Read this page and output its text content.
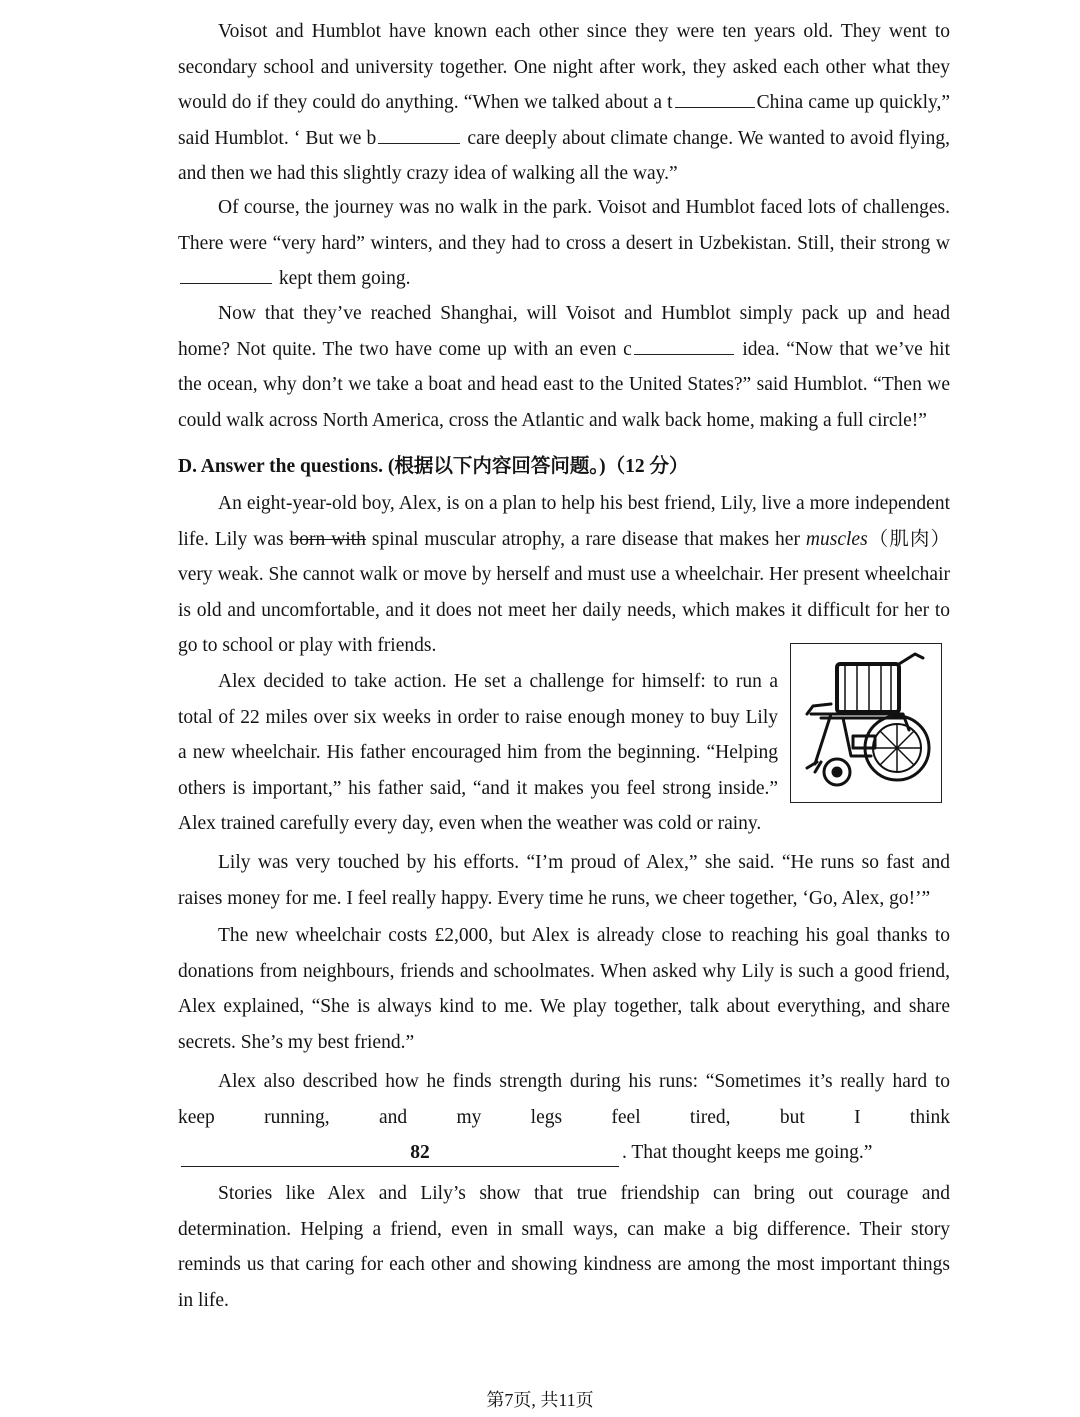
Voisot and Humblot have known each other since they were ten years old. They went to secondary school and university together. One night after work, they asked each other what they would do if they could do anything. “When we talked about a t	China came up quickly,” said Humblot. ‘ But we b	care deeply about climate change. We wanted to avoid flying, and then we had this slightly crazy idea of walking all the way.”

Of course, the journey was no walk in the park. Voisot and Humblot faced lots of challenges. There were “very hard” winters, and they had to cross a desert in Uzbekistan. Still, their strong w kept them going.

Now that they’ve reached Shanghai, will Voisot and Humblot simply pack up and head home? Not quite. The two have come up with an even c	idea. “Now that we’ve hit the ocean, why don’t we take a boat and head east to the United States?” said Humblot. “Then we could walk across North America, cross the Atlantic and walk back home, making a full circle!”

D. Answer the questions. (根据以下内容回答问题。)（12 分）

An eight-year-old boy, Alex, is on a plan to help his best friend, Lily, live a more independent life. Lily was born with spinal muscular atrophy, a rare disease that makes her muscles（肌肉）very weak. She cannot walk or move by herself and must use a wheelchair. Her present wheelchair is old and uncomfortable, and it does not meet her daily needs, which makes it difficult for her to go to school or play with friends.

Alex decided to take action. He set a challenge for himself: to run a total of 22 miles over six weeks in order to raise enough money to buy Lily a new wheelchair. His father encouraged him from the beginning. “Helping others is important,” his father said, “and it makes you feel strong inside.” Alex trained carefully every day, even when the weather was cold or rainy.

Lily was very touched by his efforts. “I’m proud of Alex,” she said. “He runs so fast and raises money for me. I feel really happy. Every time he runs, we cheer together, ‘Go, Alex, go!’”

The new wheelchair costs £2,000, but Alex is already close to reaching his goal thanks to donations from neighbours, friends and schoolmates. When asked why Lily is such a good friend, Alex explained, “She is always kind to me. We play together, talk about everything, and share secrets. She’s my best friend.”

Alex also described how he finds strength during his runs: “Sometimes it’s really hard to keep running, and my legs feel tired, but I think 82	. That thought keeps me going.”

Stories like Alex and Lily’s show that true friendship can bring out courage and determination. Helping a friend, even in small ways, can make a big difference. Their story reminds us that caring for each other and showing kindness are among the most important things in life.

第7页, 共11页
